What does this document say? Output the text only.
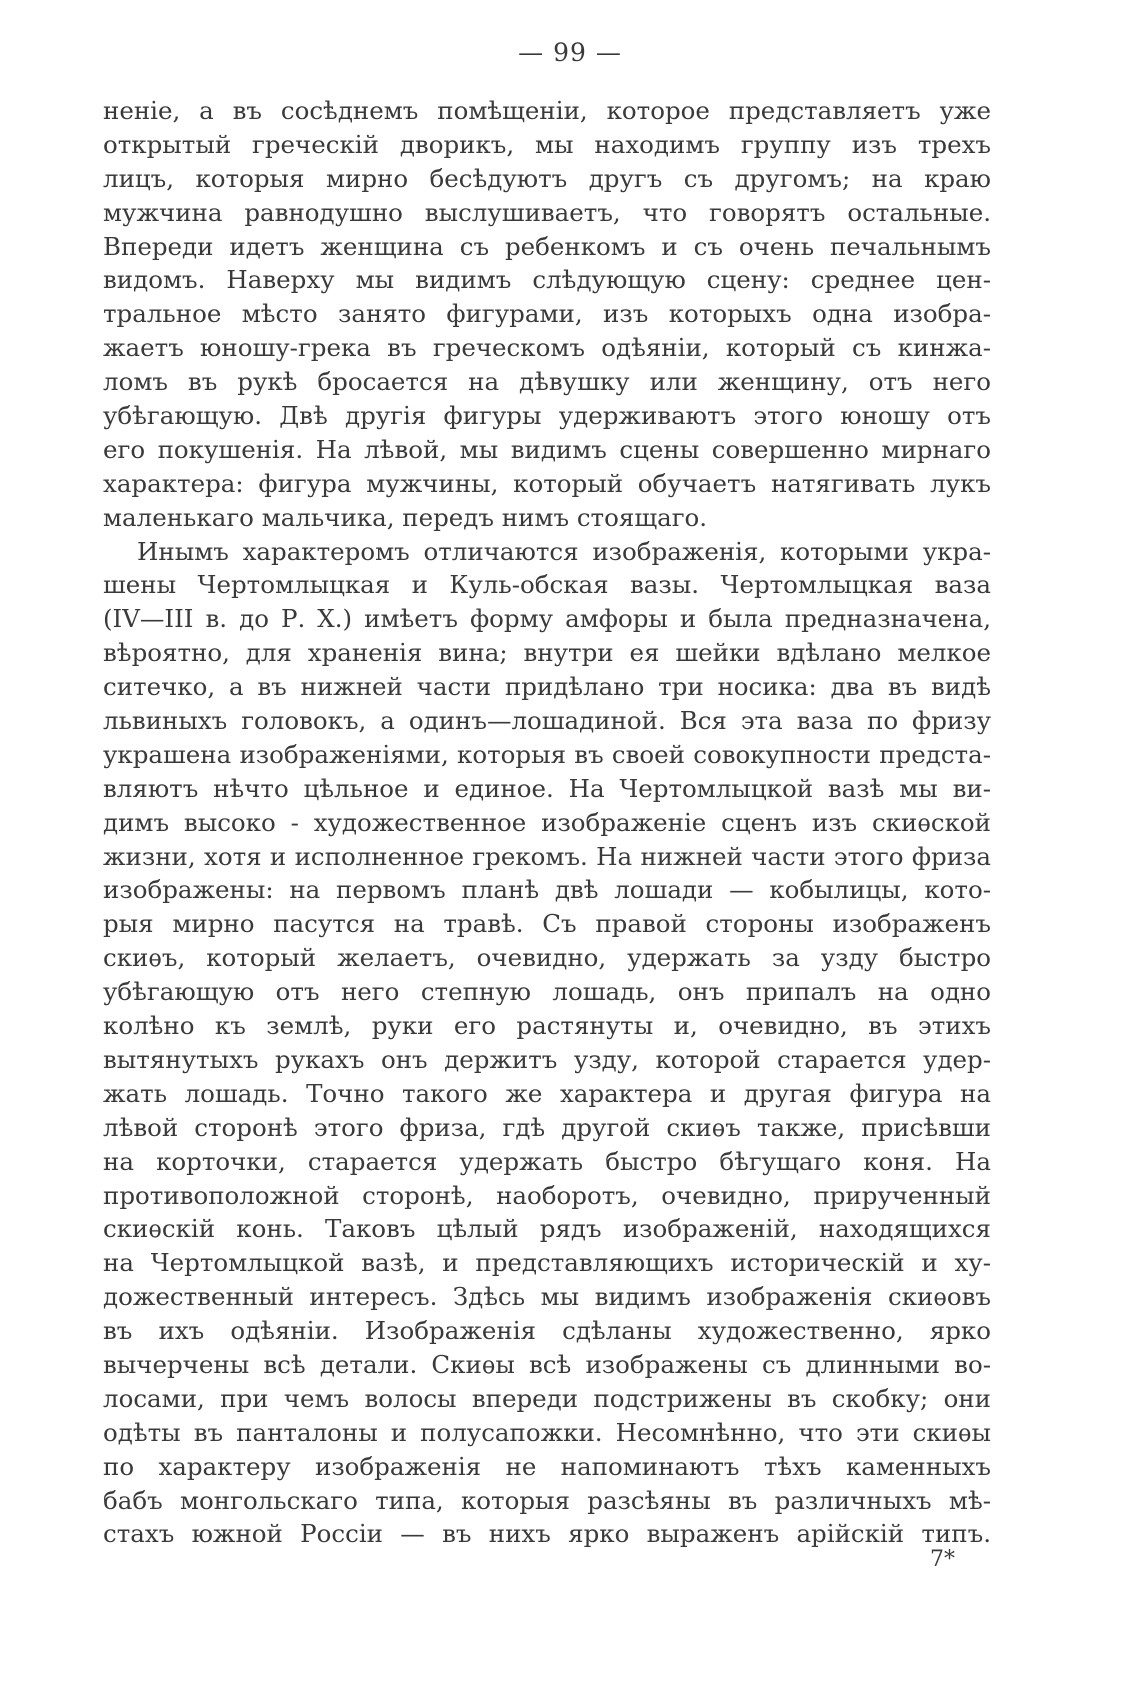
— 99 —
неніе, а въ сосѣднемъ помѣщеніи, которое представляетъ уже
открытый греческій дворикъ, мы находимъ группу изъ трехъ
лицъ, которыя мирно бесѣдуютъ другъ съ другомъ; на краю
мужчина равнодушно выслушиваетъ, что говорятъ остальные.
Впереди идетъ женщина съ ребенкомъ и съ очень печальнымъ
видомъ. Наверху мы видимъ слѣдующую сцену: среднее цен-
тральное мѣсто занято фигурами, изъ которыхъ одна изобра-
жаетъ юношу-грека въ греческомъ одѣяніи, который съ кинжа-
ломъ въ рукѣ бросается на дѣвушку или женщину, отъ него
убѣгающую. Двѣ другія фигуры удерживаютъ этого юношу отъ
его покушенія. На лѣвой, мы видимъ сцены совершенно мирнаго
характера: фигура мужчины, который обучаетъ натягивать лукъ
маленькаго мальчика, передъ нимъ стоящаго.
Инымъ характеромъ отличаются изображенія, которыми укра-
шены Чертомлыцкая и Куль-обская вазы. Чертомлыцкая ваза
(IV—III в. до Р. X.) имѣетъ форму амфоры и была предназначена,
вѣроятно, для храненія вина; внутри ея шейки вдѣлано мелкое
ситечко, а въ нижней части придѣлано три носика: два въ видѣ
львиныхъ головокъ, а одинъ—лошадиной. Вся эта ваза по фризу
украшена изображеніями, которыя въ своей совокупности предста-
вляютъ нѣчто цѣльное и единое. На Чертомлыцкой вазѣ мы ви-
димъ высоко - художественное изображеніе сценъ изъ скиѳской
жизни, хотя и исполненное грекомъ. На нижней части этого фриза
изображены: на первомъ планѣ двѣ лошади — кобылицы, кото-
рыя мирно пасутся на травѣ. Съ правой стороны изображенъ
скиѳъ, который желаетъ, очевидно, удержать за узду быстро
убѣгающую отъ него степную лошадь, онъ припалъ на одно
колѣно къ землѣ, руки его растянуты и, очевидно, въ этихъ
вытянутыхъ рукахъ онъ держитъ узду, которой старается удер-
жать лошадь. Точно такого же характера и другая фигура на
лѣвой сторонѣ этого фриза, гдѣ другой скиѳъ также, присѣвши
на корточки, старается удержать быстро бѣгущаго коня. На
противоположной сторонѣ, наоборотъ, очевидно, прирученный
скиѳскій конь. Таковъ цѣлый рядъ изображеній, находящихся
на Чертомлыцкой вазѣ, и представляющихъ историческій и ху-
дожественный интересъ. Здѣсь мы видимъ изображенія скиѳовъ
въ ихъ одѣяніи. Изображенія сдѣланы художественно, ярко
вычерчены всѣ детали. Скиѳы всѣ изображены съ длинными во-
лосами, при чемъ волосы впереди подстрижены въ скобку; они
одѣты въ панталоны и полусапожки. Несомнѣнно, что эти скиѳы
по характеру изображенія не напоминаютъ тѣхъ каменныхъ
бабъ монгольскаго типа, которыя разсѣяны въ различныхъ мѣ-
стахъ южной Россіи — въ нихъ ярко выраженъ арійскій типъ.
7*
